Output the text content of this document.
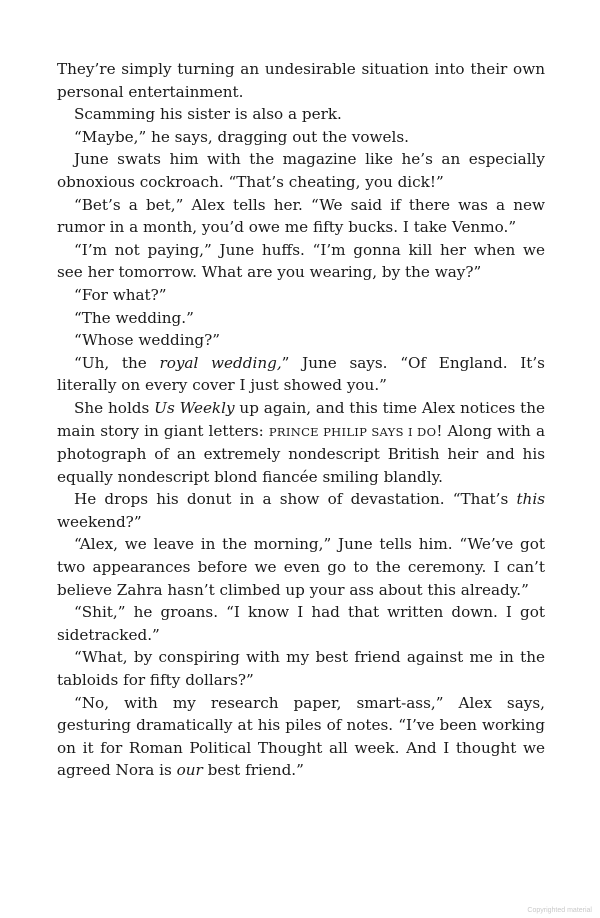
They’re simply turning an undesirable situation into their own personal entertainment.

Scamming his sister is also a perk.

“Maybe,” he says, dragging out the vowels.

June swats him with the magazine like he’s an especially obnoxious cockroach. “That’s cheating, you dick!”

“Bet’s a bet,” Alex tells her. “We said if there was a new rumor in a month, you’d owe me fifty bucks. I take Venmo.”

“I’m not paying,” June huffs. “I’m gonna kill her when we see her tomorrow. What are you wearing, by the way?”

“For what?”

“The wedding.”

“Whose wedding?”

“Uh, the royal wedding,” June says. “Of England. It’s literally on every cover I just showed you.”

She holds Us Weekly up again, and this time Alex notices the main story in giant letters: PRINCE PHILIP SAYS I DO! Along with a photograph of an extremely nondescript British heir and his equally nondescript blond fiancée smiling blandly.

He drops his donut in a show of devastation. “That’s this weekend?”

“Alex, we leave in the morning,” June tells him. “We’ve got two appearances before we even go to the ceremony. I can’t believe Zahra hasn’t climbed up your ass about this already.”

“Shit,” he groans. “I know I had that written down. I got sidetracked.”

“What, by conspiring with my best friend against me in the tabloids for fifty dollars?”

“No, with my research paper, smart-ass,” Alex says, gesturing dramatically at his piles of notes. “I’ve been working on it for Roman Political Thought all week. And I thought we agreed Nora is our best friend.”

Copyrighted material
